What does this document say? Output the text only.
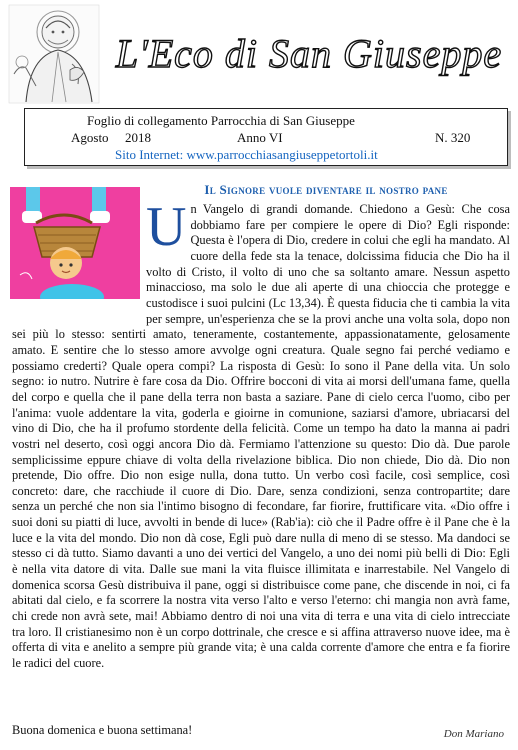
L'Eco di San Giuseppe
Foglio di collegamento Parrocchia di San Giuseppe
Agosto 2018	Anno VI	N. 320
Sito Internet: www.parrocchiasangiuseppetortoli.it
Il Signore vuole diventare il nostro pane
U n Vangelo di grandi domande. Chiedono a Gesù: Che cosa dobbiamo fare per compiere le opere di Dio? Egli risponde: Questa è l'opera di Dio, credere in colui che egli ha mandato. Al cuore della fede sta la tenace, dolcissima fiducia che Dio ha il volto di Cristo, il volto di uno che sa soltanto amare. Nessun aspetto minaccioso, ma solo le due ali aperte di una chioccia che protegge e custodisce i suoi pulcini (Lc 13,34). È questa fiducia che ti cambia la vita per sempre, un'esperienza che se la provi anche una volta sola, dopo non sei più lo stesso: sentirti amato, teneramente, costantemente, appassionatamente, gelosamente amato. E sentire che lo stesso amore avvolge ogni creatura. Quale segno fai perché vediamo e possiamo crederti? Quale opera compi? La risposta di Gesù: Io sono il Pane della vita. Un solo segno: io nutro. Nutrire è fare cosa da Dio. Offrire bocconi di vita ai morsi dell'umana fame, quella del corpo e quella che il pane della terra non basta a saziare. Pane di cielo cerca l'uomo, cibo per l'anima: vuole addentare la vita, goderla e gioirne in comunione, saziarsi d'amore, ubriacarsi del vino di Dio, che ha il profumo stordente della felicità. Come un tempo ha dato la manna ai padri vostri nel deserto, così oggi ancora Dio dà. Fermiamo l'attenzione su questo: Dio dà. Due parole semplicissime eppure chiave di volta della rivelazione biblica. Dio non chiede, Dio dà. Dio non pretende, Dio offre. Dio non esige nulla, dona tutto. Un verbo così facile, così semplice, così concreto: dare, che racchiude il cuore di Dio. Dare, senza condizioni, senza contropartite; dare senza un perché che non sia l'intimo bisogno di fecondare, far fiorire, fruttificare vita. «Dio offre i suoi doni su piatti di luce, avvolti in bende di luce» (Rab'ia): ciò che il Padre offre è il Pane che è la luce e la vita del mondo. Dio non dà cose, Egli può dare nulla di meno di se stesso. Ma dandoci se stesso ci dà tutto. Siamo davanti a uno dei vertici del Vangelo, a uno dei nomi più belli di Dio: Egli è nella vita datore di vita. Dalle sue mani la vita fluisce illimitata e inarrestabile. Nel Vangelo di domenica scorsa Gesù distribuiva il pane, oggi si distribuisce come pane, che discende in noi, ci fa abitati dal cielo, e fa scorrere la nostra vita verso l'alto e verso l'eterno: chi mangia non avrà fame, chi crede non avrà sete, mai! Abbiamo dentro di noi una vita di terra e una vita di cielo intrecciate tra loro. Il cristianesimo non è un corpo dottrinale, che cresce e si affina attraverso nuove idee, ma è offerta di vita e anelito a sempre più grande vita; è una calda corrente d'amore che entra e fa fiorire le radici del cuore.
Buona domenica e buona settimana!	Don Mariano
